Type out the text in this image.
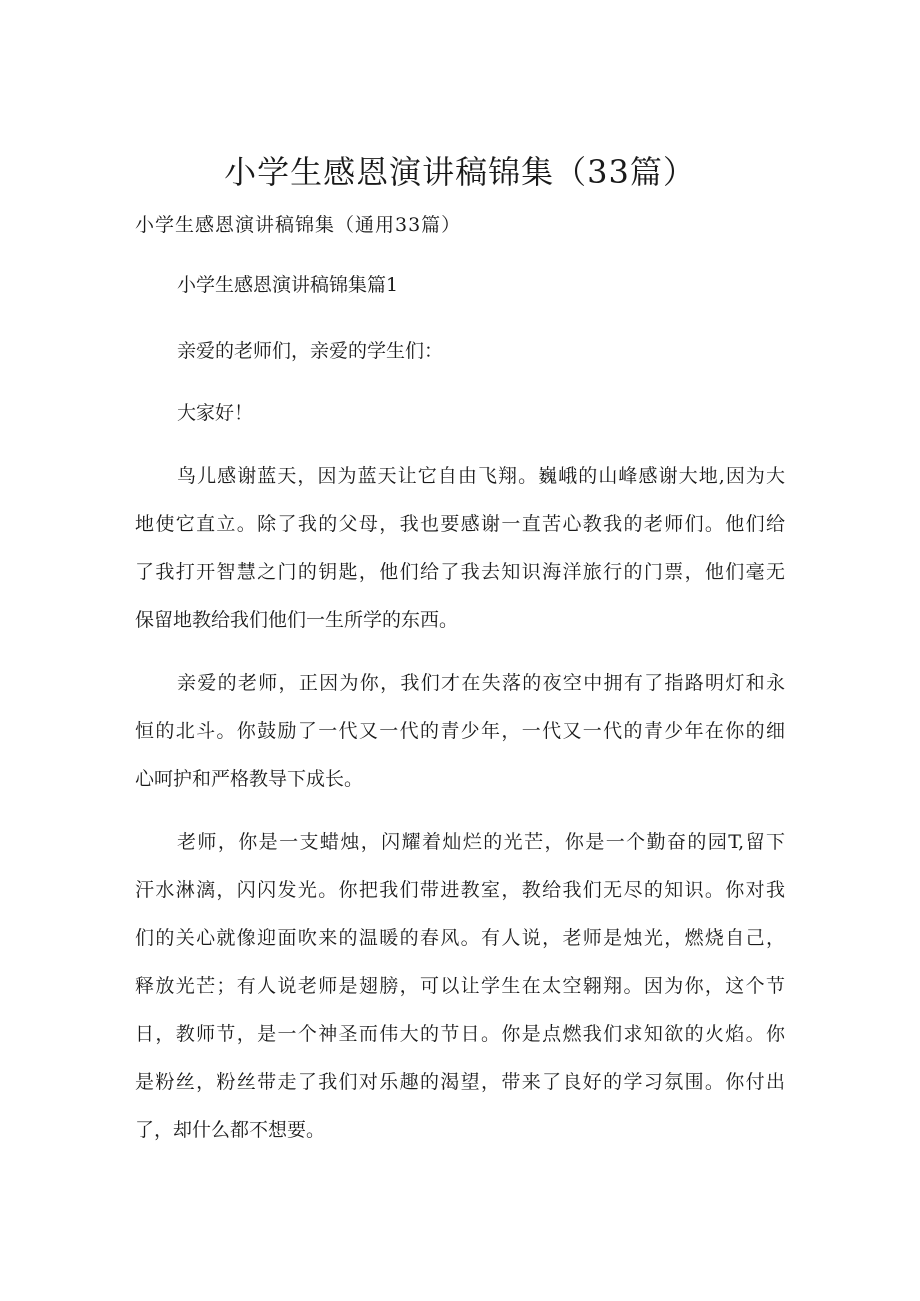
小学生感恩演讲稿锦集（33篇）
小学生感恩演讲稿锦集（通用33篇）
小学生感恩演讲稿锦集篇1
亲爱的老师们，亲爱的学生们：
大家好！
鸟儿感谢蓝天，因为蓝天让它自由飞翔。巍峨的山峰感谢大地,因为大
地使它直立。除了我的父母，我也要感谢一直苦心教我的老师们。他们给
了我打开智慧之门的钥匙，他们给了我去知识海洋旅行的门票，他们毫无
保留地教给我们他们一生所学的东西。
亲爱的老师，正因为你，我们才在失落的夜空中拥有了指路明灯和永
恒的北斗。你鼓励了一代又一代的青少年，一代又一代的青少年在你的细
心呵护和严格教导下成长。
老师，你是一支蜡烛，闪耀着灿烂的光芒，你是一个勤奋的园T,留下
汗水淋漓，闪闪发光。你把我们带进教室，教给我们无尽的知识。你对我
们的关心就像迎面吹来的温暖的春风。有人说，老师是烛光，燃烧自己，
释放光芒；有人说老师是翅膀，可以让学生在太空翱翔。因为你，这个节
日，教师节，是一个神圣而伟大的节日。你是点燃我们求知欲的火焰。你
是粉丝，粉丝带走了我们对乐趣的渴望，带来了良好的学习氛围。你付出
了，却什么都不想要。
